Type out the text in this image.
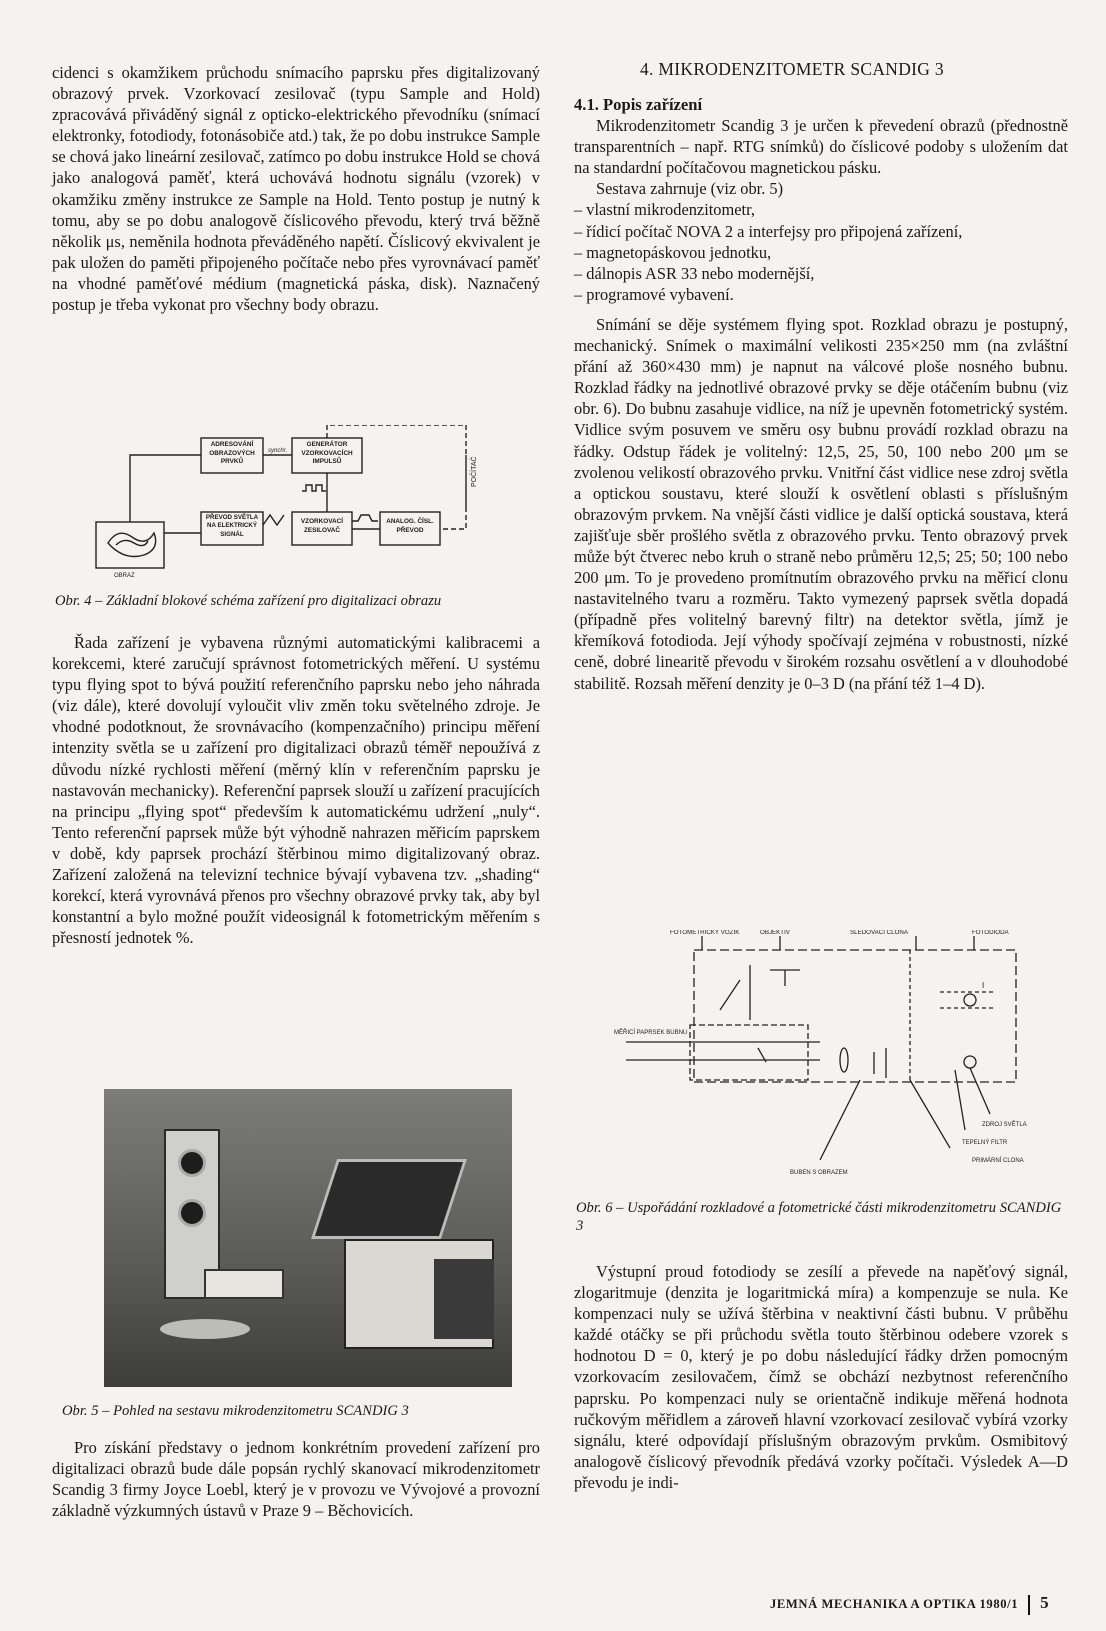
cidenci s okamžikem průchodu snímacího paprsku přes digitalizovaný obrazový prvek. Vzorkovací zesilovač (typu Sample and Hold) zpracovává přiváděný signál z opticko-elektrického převodníku (snímací elektronky, fotodiody, fotonásobiče atd.) tak, že po dobu instrukce Sample se chová jako lineární zesilovač, zatímco po dobu instrukce Hold se chová jako analogová paměť, která uchovává hodnotu signálu (vzorek) v okamžiku změny instrukce ze Sample na Hold. Tento postup je nutný k tomu, aby se po dobu analogově číslicového převodu, který trvá běžně několik μs, neměnila hodnota převáděného napětí. Číslicový ekvivalent je pak uložen do paměti připojeného počítače nebo přes vyrovnávací paměť na vhodné paměťové médium (magnetická páska, disk). Naznačený postup je třeba vykonat pro všechny body obrazu.

POČÍTAČ
synchr.
OBRAZ
ADRESOVÁNÍ OBRAZOVÝCH PRVKŮ
GENERÁTOR VZORKOVACÍCH IMPULSŮ
PŘEVOD SVĚTLA NA ELEKTRICKÝ SIGNÁL
VZORKOVACÍ ZESILOVAČ
ANALOG. ČÍSL. PŘEVOD
Obr. 4 – Základní blokové schéma zařízení pro digitalizaci obrazu

Řada zařízení je vybavena různými automatickými kalibracemi a korekcemi, které zaručují správnost fotometrických měření. U systému typu flying spot to bývá použití referenčního paprsku nebo jeho náhrada (viz dále), které dovolují vyloučit vliv změn toku světelného zdroje. Je vhodné podotknout, že srovnávacího (kompenzačního) principu měření intenzity světla se u zařízení pro digitalizaci obrazů téměř nepoužívá z důvodu nízké rychlosti měření (měrný klín v referenčním paprsku je nastavován mechanicky). Referenční paprsek slouží u zařízení pracujících na principu „flying spot“ především k automatickému udržení „nuly“. Tento referenční paprsek může být výhodně nahrazen měřicím paprskem v době, kdy paprsek prochází štěrbinou mimo digitalizovaný obraz. Zařízení založená na televizní technice bývají vybavena tzv. „shading“ korekcí, která vyrovnává přenos pro všechny obrazové prvky tak, aby byl konstantní a bylo možné použít videosignál k fotometrickým měřením s přesností jednotek %.

Obr. 5 – Pohled na sestavu mikrodenzitometru SCANDIG 3

Pro získání představy o jednom konkrétním provedení zařízení pro digitalizaci obrazů bude dále popsán rychlý skanovací mikrodenzitometr Scandig 3 firmy Joyce Loebl, který je v provozu ve Vývojové a provozní základně výzkumných ústavů v Praze 9 – Běchovicích.

4. MIKRODENZITOMETR SCANDIG 3
4.1. Popis zařízení

Mikrodenzitometr Scandig 3 je určen k převedení obrazů (přednostně transparentních – např. RTG snímků) do číslicové podoby s uložením dat na standardní počítačovou magnetickou pásku.

Sestava zahrnuje (viz obr. 5)

– vlastní mikrodenzitometr,
– řídicí počítač NOVA 2 a interfejsy pro připojená zařízení,
– magnetopáskovou jednotku,
– dálnopis ASR 33 nebo modernější,
– programové vybavení.

Snímání se děje systémem flying spot. Rozklad obrazu je postupný, mechanický. Snímek o maximální velikosti 235×250 mm (na zvláštní přání až 360×430 mm) je napnut na válcové ploše nosného bubnu. Rozklad řádky na jednotlivé obrazové prvky se děje otáčením bubnu (viz obr. 6). Do bubnu zasahuje vidlice, na níž je upevněn fotometrický systém. Vidlice svým posuvem ve směru osy bubnu provádí rozklad obrazu na řádky. Odstup řádek je volitelný: 12,5, 25, 50, 100 nebo 200 μm se zvolenou velikostí obrazového prvku. Vnitřní část vidlice nese zdroj světla a optickou soustavu, které slouží k osvětlení oblasti s příslušným obrazovým prvkem. Na vnější části vidlice je další optická soustava, která zajišťuje sběr prošlého světla z obrazového prvku. Tento obrazový prvek může být čtverec nebo kruh o straně nebo průměru 12,5; 25; 50; 100 nebo 200 μm. To je provedeno promítnutím obrazového prvku na měřicí clonu nastavitelného tvaru a rozměru. Takto vymezený paprsek světla dopadá (případně přes volitelný barevný filtr) na detektor světla, jímž je křemíková fotodioda. Její výhody spočívají zejména v robustnosti, nízké ceně, dobré linearitě převodu v širokém rozsahu osvětlení a v dlouhodobé stabilitě. Rozsah měření denzity je 0–3 D (na přání též 1–4 D).

FOTOMETRICKÝ VOZÍK	OBJEKTIV	SLEDOVACÍ CLONA	FOTODIODA
MĚŘICÍ PAPRSEK BUBNU
ZDROJ SVĚTLA
TEPELNÝ FILTR
PRIMÁRNÍ CLONA
BUBEN S OBRAZEM
I
Obr. 6 – Uspořádání rozkladové a fotometrické části mikrodenzitometru SCANDIG 3

Výstupní proud fotodiody se zesílí a převede na napěťový signál, zlogaritmuje (denzita je logaritmická míra) a kompenzuje se nula. Ke kompenzaci nuly se užívá štěrbina v neaktivní části bubnu. V průběhu každé otáčky se při průchodu světla touto štěrbinou odebere vzorek s hodnotou D = 0, který je po dobu následující řádky držen pomocným vzorkovacím zesilovačem, čímž se obchází nezbytnost referenčního paprsku. Po kompenzaci nuly se orientačně indikuje měřená hodnota ručkovým měřidlem a zároveň hlavní vzorkovací zesilovač vybírá vzorky signálu, které odpovídají příslušným obrazovým prvkům. Osmibitový analogově číslicový převodník předává vzorky počítači. Výsledek A—D převodu je indi-

JEMNÁ MECHANIKA A OPTIKA 1980/1 5
